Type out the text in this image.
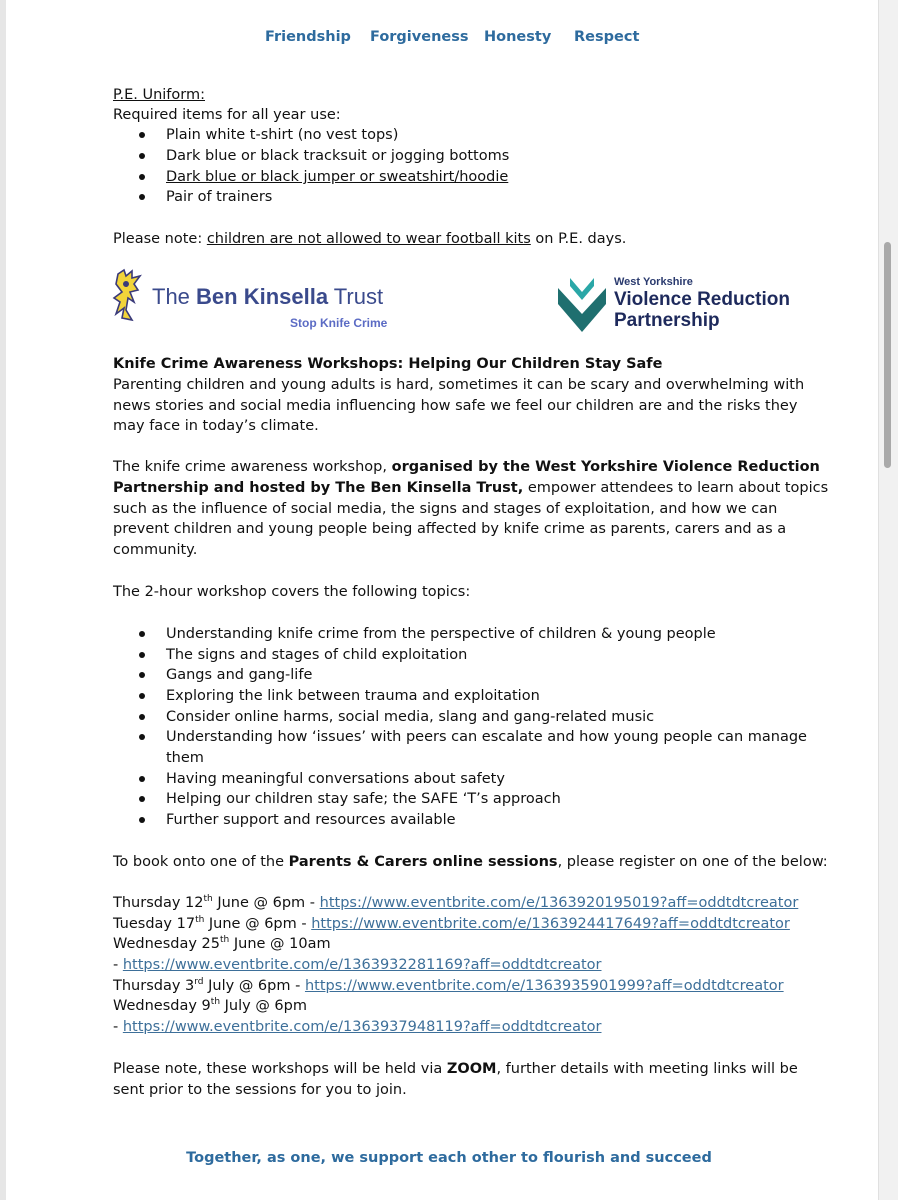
Friendship Forgiveness Honesty Respect
P.E. Uniform:
Required items for all year use:
Plain white t-shirt (no vest tops)
Dark blue or black tracksuit or jogging bottoms
Dark blue or black jumper or sweatshirt/hoodie
Pair of trainers
Please note: children are not allowed to wear football kits on P.E. days.
The Ben Kinsella Trust
Stop Knife Crime
West Yorkshire
Violence Reduction
Partnership
Knife Crime Awareness Workshops: Helping Our Children Stay Safe
Parenting children and young adults is hard, sometimes it can be scary and overwhelming with
news stories and social media influencing how safe we feel our children are and the risks they
may face in today’s climate.
The knife crime awareness workshop, organised by the West Yorkshire Violence Reduction
Partnership and hosted by The Ben Kinsella Trust, empower attendees to learn about topics
such as the influence of social media, the signs and stages of exploitation, and how we can
prevent children and young people being affected by knife crime as parents, carers and as a
community.
The 2-hour workshop covers the following topics:
Understanding knife crime from the perspective of children & young people
The signs and stages of child exploitation
Gangs and gang-life
Exploring the link between trauma and exploitation
Consider online harms, social media, slang and gang-related music
Understanding how ‘issues’ with peers can escalate and how young people can manage
them
Having meaningful conversations about safety
Helping our children stay safe; the SAFE ‘T’s approach
Further support and resources available
To book onto one of the Parents & Carers online sessions, please register on one of the below:
Thursday 12th June @ 6pm - https://www.eventbrite.com/e/1363920195019?aff=oddtdtcreator
Tuesday 17th June @ 6pm - https://www.eventbrite.com/e/1363924417649?aff=oddtdtcreator
Wednesday 25th June @ 10am
- https://www.eventbrite.com/e/1363932281169?aff=oddtdtcreator
Thursday 3rd July @ 6pm - https://www.eventbrite.com/e/1363935901999?aff=oddtdtcreator
Wednesday 9th July @ 6pm
- https://www.eventbrite.com/e/1363937948119?aff=oddtdtcreator
Please note, these workshops will be held via ZOOM, further details with meeting links will be
sent prior to the sessions for you to join.
Together, as one, we support each other to flourish and succeed
